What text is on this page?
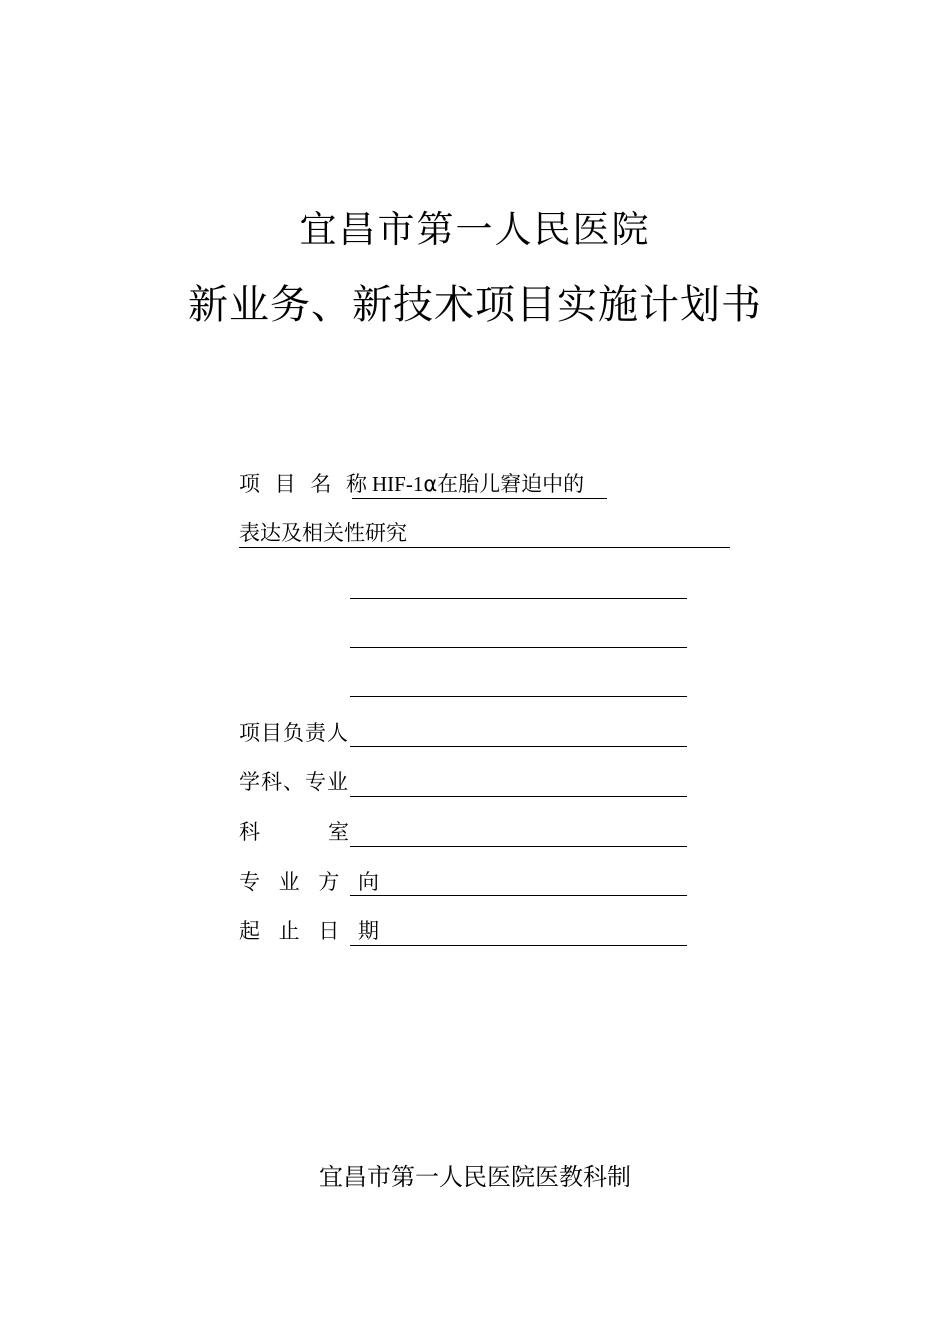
宜昌市第一人民医院
新业务、新技术项目实施计划书
项 目 名 称 HIF-1α在胎儿窘迫中的
表达及相关性研究
项目负责人
学科、专业
科	室
专 业 方 向
起 止 日 期
宜昌市第一人民医院医教科制
